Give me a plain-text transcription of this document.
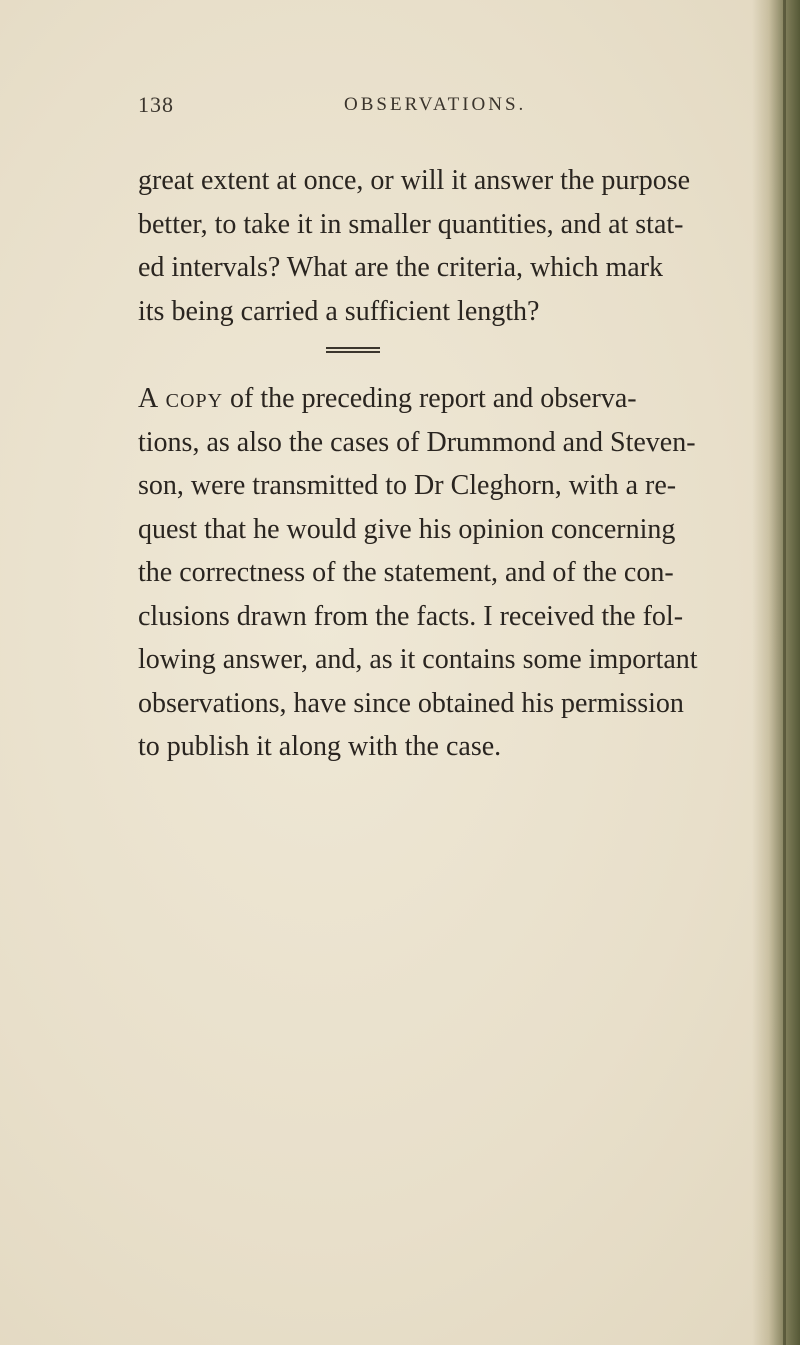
138	OBSERVATIONS.
great extent at once, or will it answer the purpose
better, to take it in smaller quantities, and at stat-
ed intervals? What are the criteria, which mark
its being carried a sufficient length?
A copy of the preceding report and observa-
tions, as also the cases of Drummond and Steven-
son, were transmitted to Dr Cleghorn, with a re-
quest that he would give his opinion concerning
the correctness of the statement, and of the con-
clusions drawn from the facts. I received the fol-
lowing answer, and, as it contains some important
observations, have since obtained his permission
to publish it along with the case.
